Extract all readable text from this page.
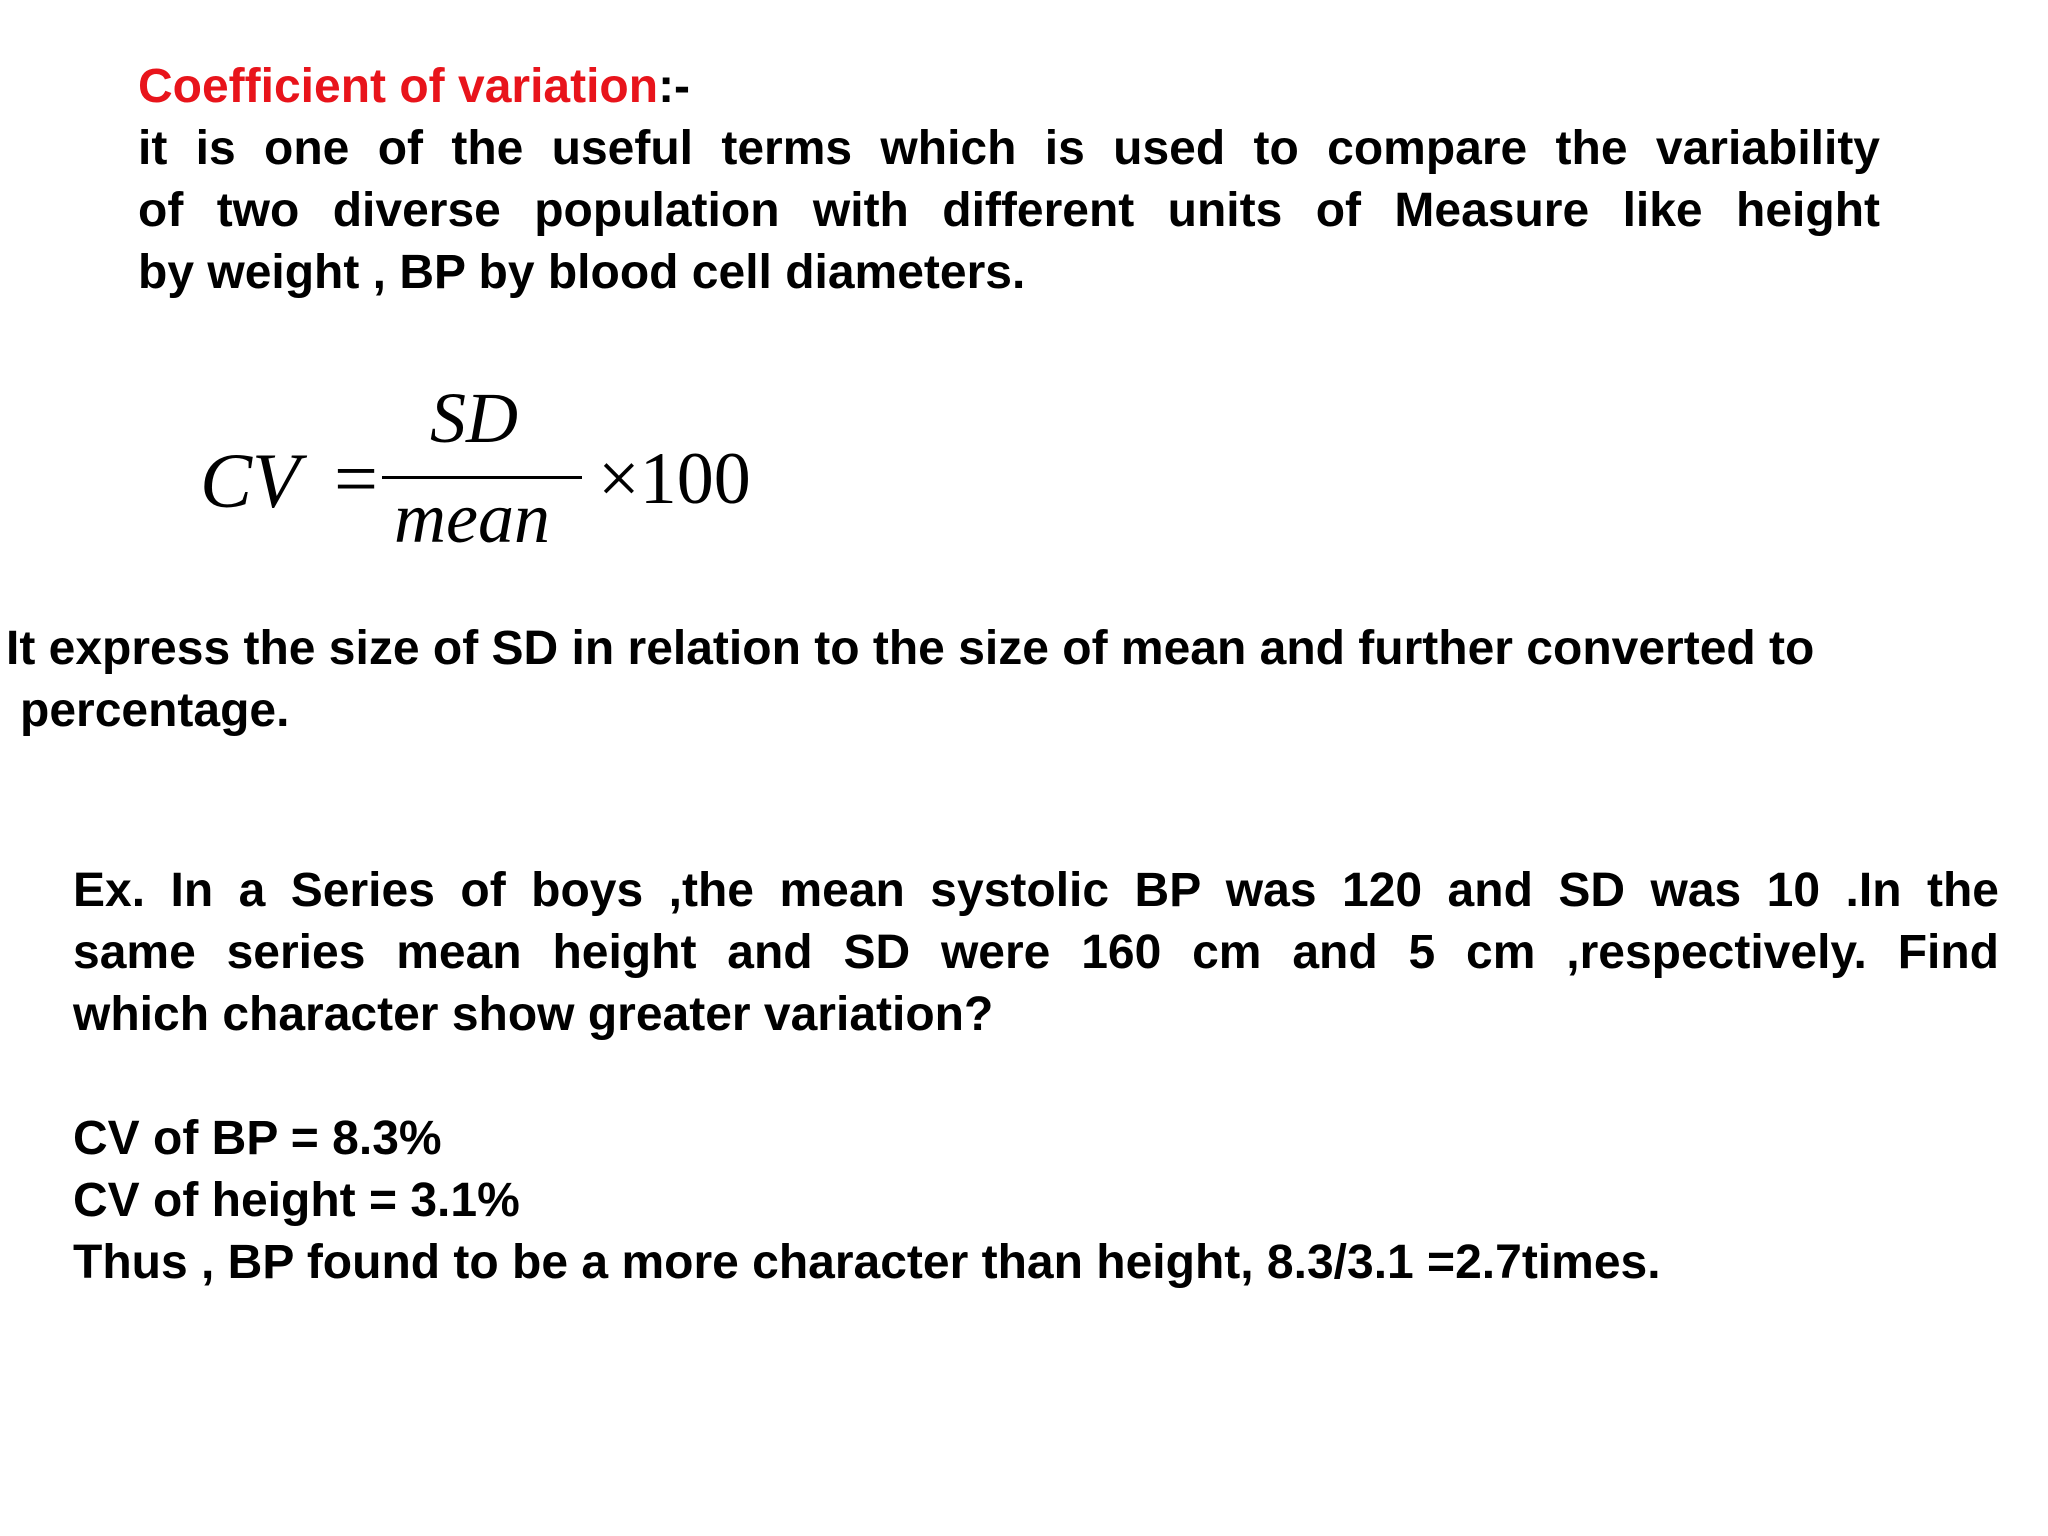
Coefficient of variation:-
it is one of the useful terms which is used to compare the variability
of two diverse population with different units of Measure like height
by weight , BP by blood cell diameters.
CV =
SD
mean ×100
It express the size of SD in relation to the size of mean and further converted to
percentage.
Ex. In a Series of boys ,the mean systolic BP was 120 and SD was 10 .In the
same series mean height and SD were 160 cm and 5 cm ,respectively. Find
which character show greater variation?
CV of BP = 8.3%
CV of height = 3.1%
Thus , BP found to be a more character than height, 8.3/3.1 =2.7times.
